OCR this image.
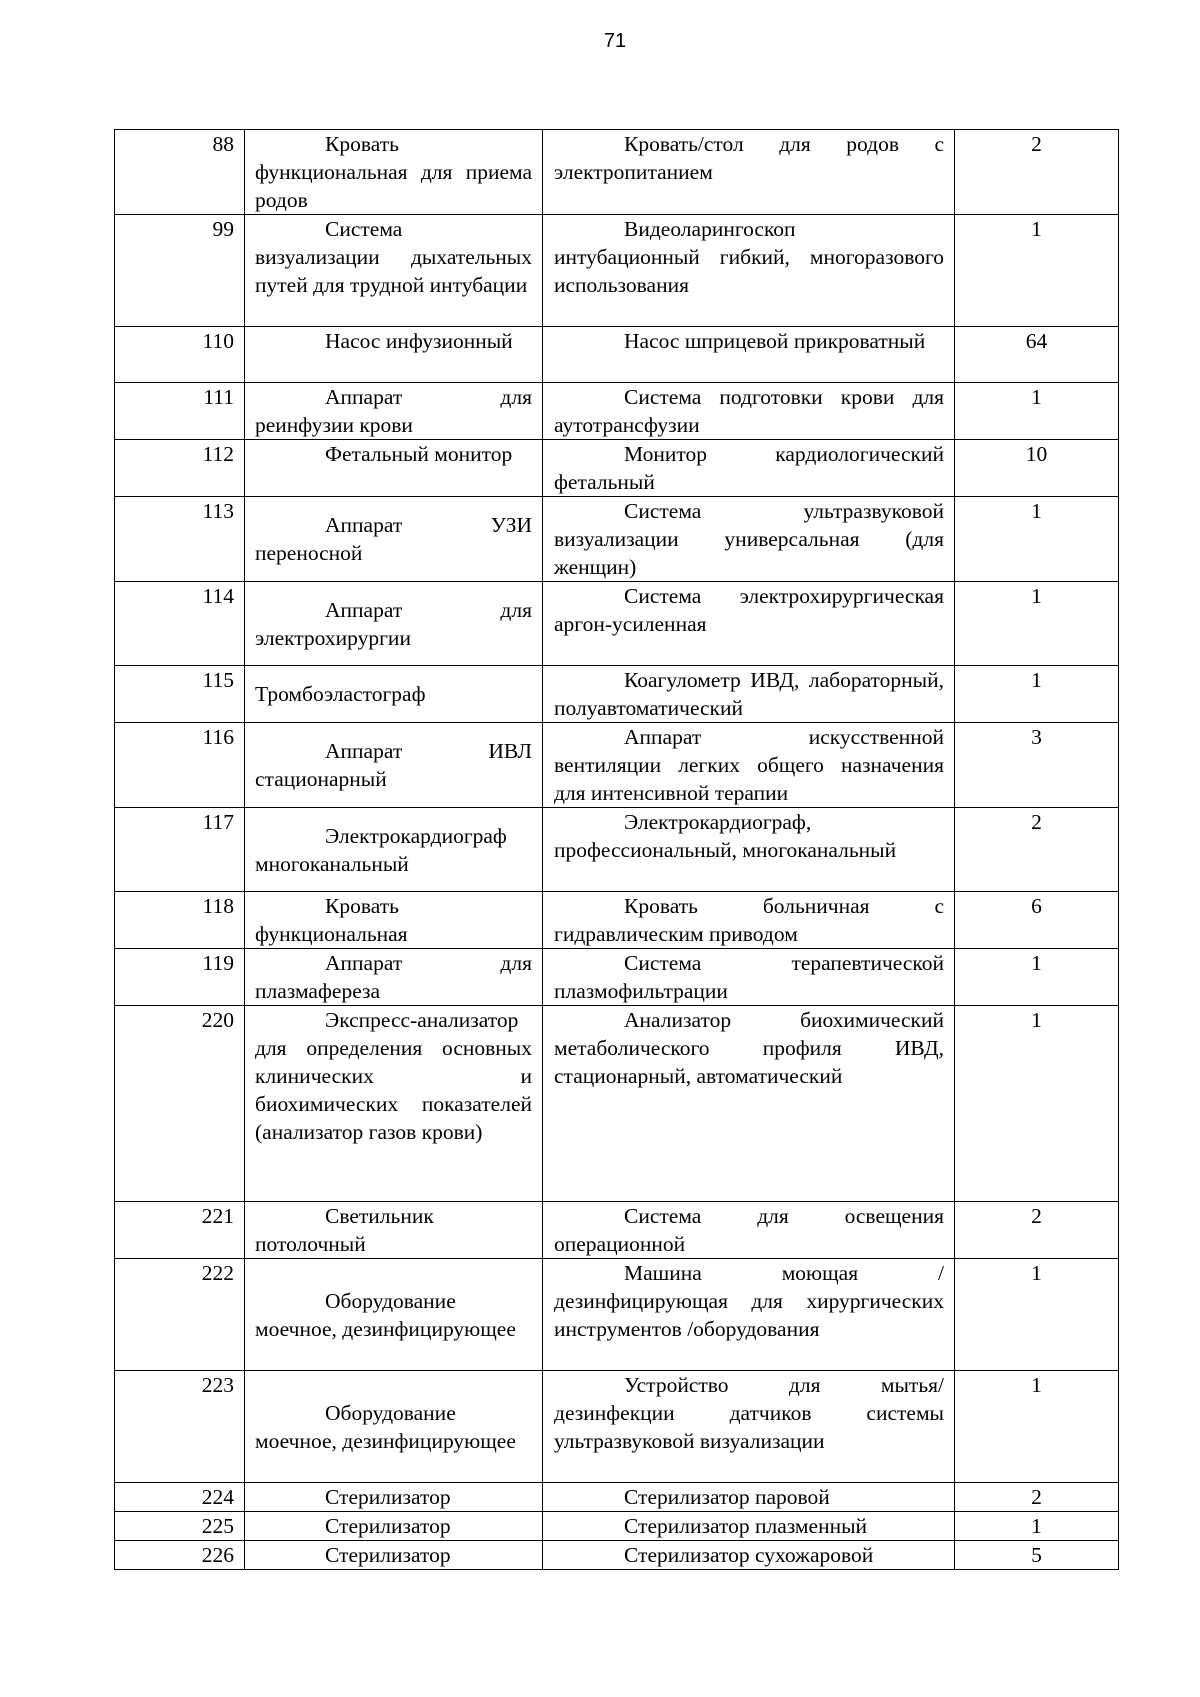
71
88	Кровать функциональная для приема родов	Кровать/стол для родов с электропитанием	2
99	Система визуализации дыхательных путей для трудной интубации	Видеоларингоскоп интубационный гибкий, многоразового использования	1
110	Насос инфузионный	Насос шприцевой прикроватный	64
111	Аппарат для реинфузии крови	Система подготовки крови для аутотрансфузии	1
112	Фетальный монитор	Монитор кардиологический фетальный	10
113	Аппарат УЗИ переносной	Система ультразвуковой визуализации универсальная (для женщин)	1
114	Аппарат для электрохирургии	Система электрохирургическая аргон-усиленная	1
115	Тромбоэластограф	Коагулометр ИВД, лабораторный, полуавтоматический	1
116	Аппарат ИВЛ стационарный	Аппарат искусственной вентиляции легких общего назначения для интенсивной терапии	3
117	Электрокардиограф многоканальный	Электрокардиограф, профессиональный, многоканальный	2
118	Кровать функциональная	Кровать больничная с гидравлическим приводом	6
119	Аппарат для плазмафереза	Система терапевтической плазмофильтрации	1
220	Экспресс-анализатор для определения основных клинических и биохимических показателей (анализатор газов крови)	Анализатор биохимический метаболического профиля ИВД, стационарный, автоматический	1
221	Светильник потолочный	Система для освещения операционной	2
222	Оборудование моечное, дезинфицирующее	Машина моющая /дезинфицирующая для хирургических инструментов /оборудования	1
223	Оборудование моечное, дезинфицирующее	Устройство для мытья/дезинфекции датчиков системы ультразвуковой визуализации	1
224	Стерилизатор	Стерилизатор паровой	2
225	Стерилизатор	Стерилизатор плазменный	1
226	Стерилизатор	Стерилизатор сухожаровой	5
